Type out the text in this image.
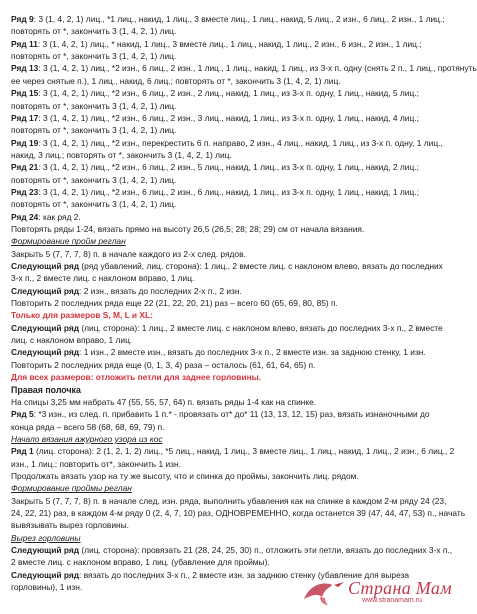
Ряд 9: 3 (1, 4, 2, 1) лиц., *1 лиц., накид, 1 лиц., 3 вместе лиц., 1 лиц., накид, 5 лиц., 2 изн., 6 лиц., 2 изн., 1 лиц.;

повторять от *, закончить 3 (1, 4, 2, 1) лиц.

Ряд 11: 3 (1, 4, 2, 1) лиц., * накид, 1 лиц., 3 вместе лиц., 1 лиц., накид, 1 лиц., 2 изн., 6 изн., 2 изн., 1 лиц.;

повторять от *, закончить 3 (1, 4, 2, 1) лиц.

Ряд 13: 3 (1, 4, 2, 1) лиц., *2 изн., 6 лиц., 2 изн., 1 лиц., 1 лиц., накид, 1 лиц., из 3-х п. одну (снять 2 п., 1 лиц., протянуть

ее через снятые п.), 1 лиц., накид, 6 лиц.; повторять от *, закончить 3 (1, 4, 2, 1) лиц.

Ряд 15: 3 (1, 4, 2, 1) лиц., *2 изн., 6 лиц., 2 изн., 2 лиц., накид, 1 лиц., из 3-х п. одну, 1 лиц., накид, 5 лиц.;

повторять от *, закончить 3 (1, 4, 2, 1) лиц.

Ряд 17: 3 (1, 4, 2, 1) лиц., *2 изн., 6 лиц., 2 изн., 3 лиц., накид, 1 лиц., из 3-х п. одну, 1 лиц., накид, 4 лиц.;

повторять от *, закончить 3 (1, 4, 2, 1) лиц.

Ряд 19: 3 (1, 4, 2, 1) лиц., *2 изн., перекрестить 6 п. направо, 2 изн., 4 лиц., накид, 1 лиц., из 3-х п. одну, 1 лиц.,

накид, 3 лиц.; повторять от *, закончить 3 (1, 4, 2, 1) лиц.

Ряд 21: 3 (1, 4, 2, 1) лиц., *2 изн., 6 лиц., 2 изн., 5 лиц., накид, 1 лиц., из 3-х п. одну, 1 лиц., накид, 2 лиц.;

повторять от *, закончить 3 (1, 4, 2, 1) лиц.

Ряд 23: 3 (1, 4, 2, 1) лиц., *2 изн., 6 лиц., 2 изн., 6 лиц., накид, 1 лиц., из 3-х п. одну, 1 лиц., накид, 1 лиц.;

повторять от *, закончить 3 (1, 4, 2, 1) лиц.

Ряд 24: как ряд 2.

Повторять ряды 1-24, вязать прямо на высоту 26,5 (26,5; 28; 28; 29) см от начала вязания.

Формирование пройм реглан

Закрыть 5 (7, 7, 7, 8) п. в начале каждого из 2-х след. рядов.

Следующий ряд (ряд убавлений, лиц. сторона): 1 лиц., 2 вместе лиц. с наклоном влево, вязать до последних

3-х п., 2 вместе лиц. с наклоном вправо, 1 лиц.

Следующий ряд: 2 изн., вязать до последних 2-х п., 2 изн.

Повторить 2 последних ряда еще 22 (21, 22, 20, 21) раз – всего 60 (65, 69, 80, 85) п.

Только для размеров S, M, L и XL:

Следующий ряд (лиц. сторона): 1 лиц., 2 вместе лиц. с наклоном влево, вязать до последних 3-х п., 2 вместе

лиц. с наклоном вправо, 1 лиц.

Следующий ряд: 1 изн., 2 вместе изн., вязать до последних 3-х п., 2 вместе изн. за заднюю стенку, 1 изн.

Повторить 2 последних ряда еще (0, 1, 3, 4) раза – осталось (61, 61, 64, 65) п.

Для всех размеров: отложить петли для заднее горловины.

Правая полочка

На спицы 3,25 мм набрать 47 (55, 55, 57, 64) п. вязать ряды 1-4 как на спинке.

Ряд 5: *3 изн., из след. п. прибавить 1 п.* - провязать от* до* 11 (13, 13, 12, 15) раз, вязать изнаночными до

конца ряда – всего 58 (68, 68, 69, 79) п.

Начало вязания ажурного узора из кос

Ряд 1 (лиц. сторона): 2 (1, 2, 1, 2) лиц., *5 лиц., накид, 1 лиц., 3 вместе лиц., 1 лиц., накид, 1 лиц., 2 изн., 6 лиц., 2

изн., 1 лиц.; повторить от*, закончить 1 изн.

Продолжать вязать узор на ту же высоту, что и спинка до проймы, закончить лиц. рядом.

Формирование проймы реглан

Закрыть 5 (7, 7, 7, 8) п. в начале след. изн. ряда, выполнить убавления как на спинке в каждом 2-м ряду 24 (23,

24, 22, 21) раз, в каждом 4-м ряду 0 (2, 4, 7, 10) раз, ОДНОВРЕМЕННО, когда останется 39 (47, 44, 47, 53) п., начать

вывязывать вырез горловины.

Вырез горловины

Следующий ряд (лиц. сторона): провязать 21 (28, 24, 25, 30) п., отложить эти петли, вязать до последних 3-х п.,

2 вместе лиц. с наклоном вправо, 1 лиц. (убавление для проймы).

Следующий ряд: вязать до последних 3-х п., 2 вместе изн. за заднюю стенку (убавление для выреза

горловины), 1 изн.	Страна Мам
www.stranamam.ru
